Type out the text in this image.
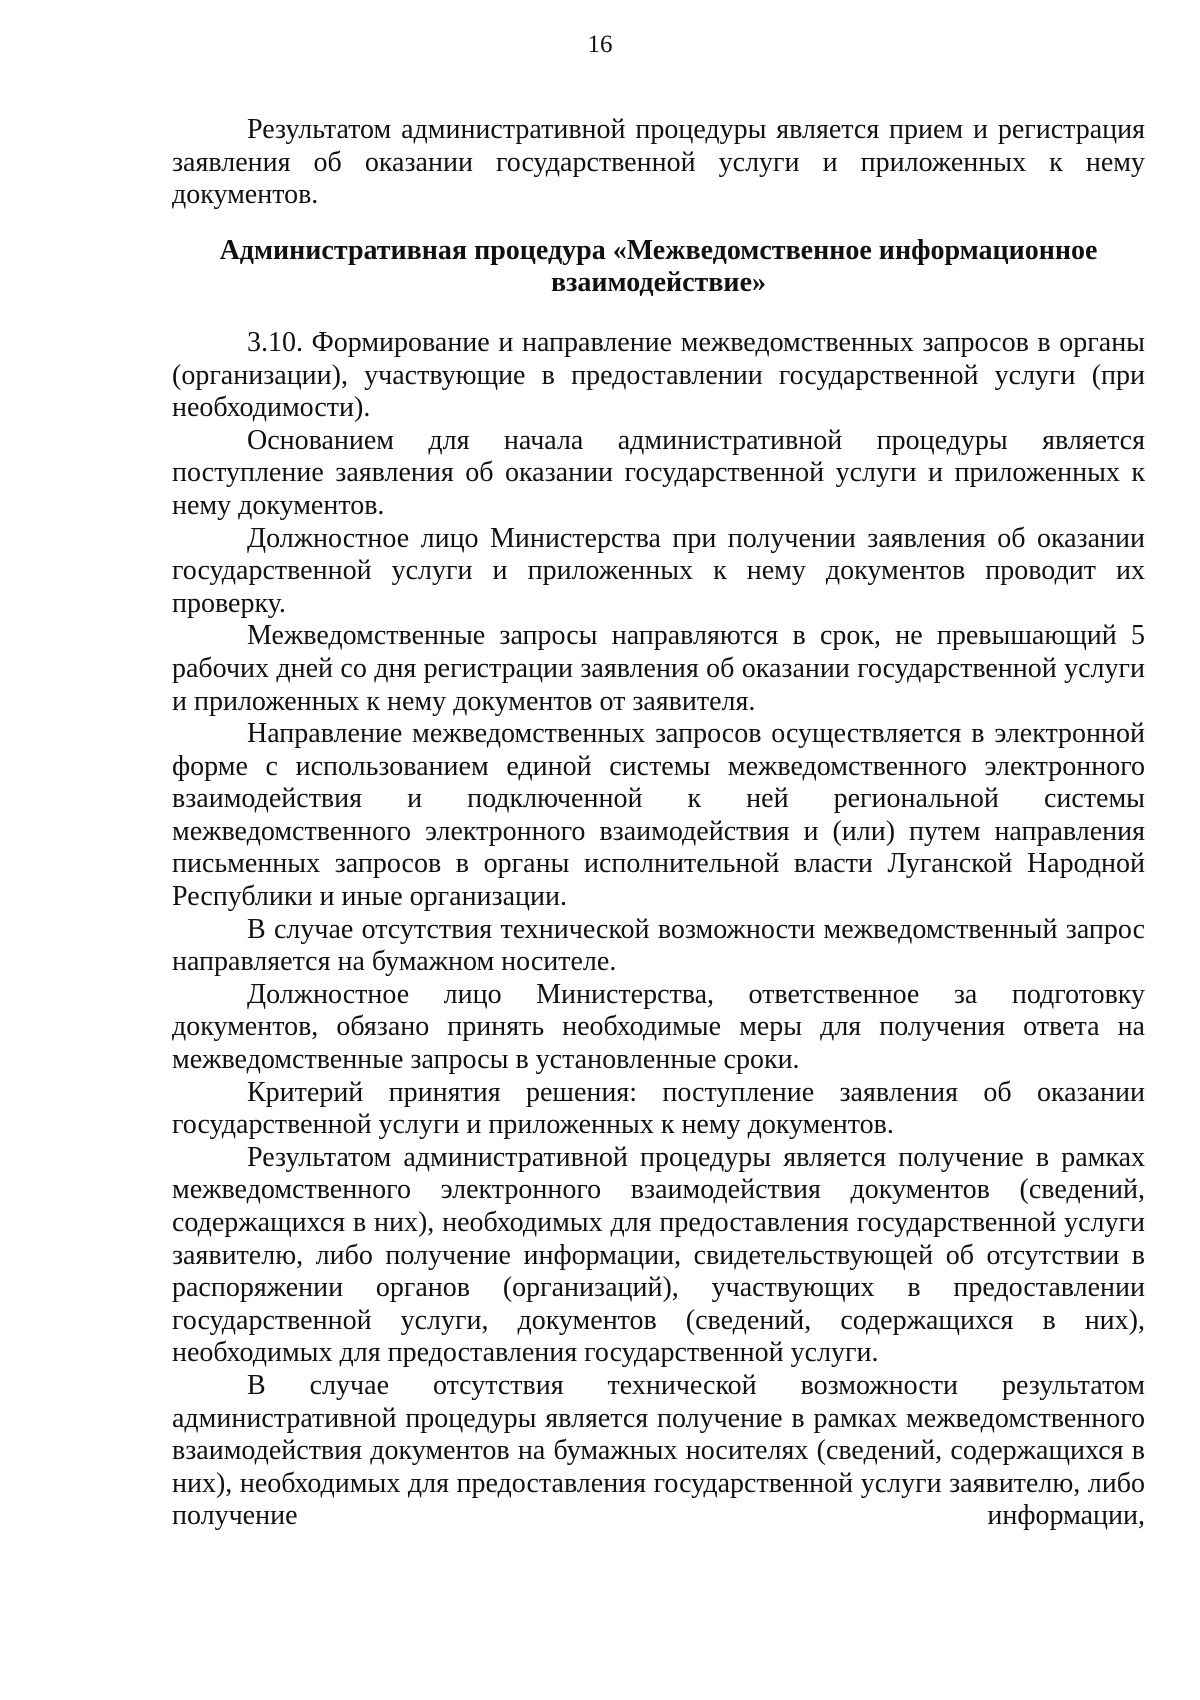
16

Результатом административной процедуры является прием и регистрация заявления об оказании государственной услуги и приложенных к нему документов.

Административная процедура «Межведомственное информационное взаимодействие»

3.10. Формирование и направление межведомственных запросов в органы (организации), участвующие в предоставлении государственной услуги (при необходимости).

Основанием для начала административной процедуры является поступление заявления об оказании государственной услуги и приложенных к нему документов.

Должностное лицо Министерства при получении заявления об оказании государственной услуги и приложенных к нему документов проводит их проверку.

Межведомственные запросы направляются в срок, не превышающий 5 рабочих дней со дня регистрации заявления об оказании государственной услуги и приложенных к нему документов от заявителя.

Направление межведомственных запросов осуществляется в электронной форме с использованием единой системы межведомственного электронного взаимодействия и подключенной к ней региональной системы межведомственного электронного взаимодействия и (или) путем направления письменных запросов в органы исполнительной власти Луганской Народной Республики и иные организации.

В случае отсутствия технической возможности межведомственный запрос направляется на бумажном носителе.

Должностное лицо Министерства, ответственное за подготовку документов, обязано принять необходимые меры для получения ответа на межведомственные запросы в установленные сроки.

Критерий принятия решения: поступление заявления об оказании государственной услуги и приложенных к нему документов.

Результатом административной процедуры является получение в рамках межведомственного электронного взаимодействия документов (сведений, содержащихся в них), необходимых для предоставления государственной услуги заявителю, либо получение информации, свидетельствующей об отсутствии в распоряжении органов (организаций), участвующих в предоставлении государственной услуги, документов (сведений, содержащихся в них), необходимых для предоставления государственной услуги.

В случае отсутствия технической возможности результатом административной процедуры является получение в рамках межведомственного взаимодействия документов на бумажных носителях (сведений, содержащихся в них), необходимых для предоставления государственной услуги заявителю, либо получение информации,
